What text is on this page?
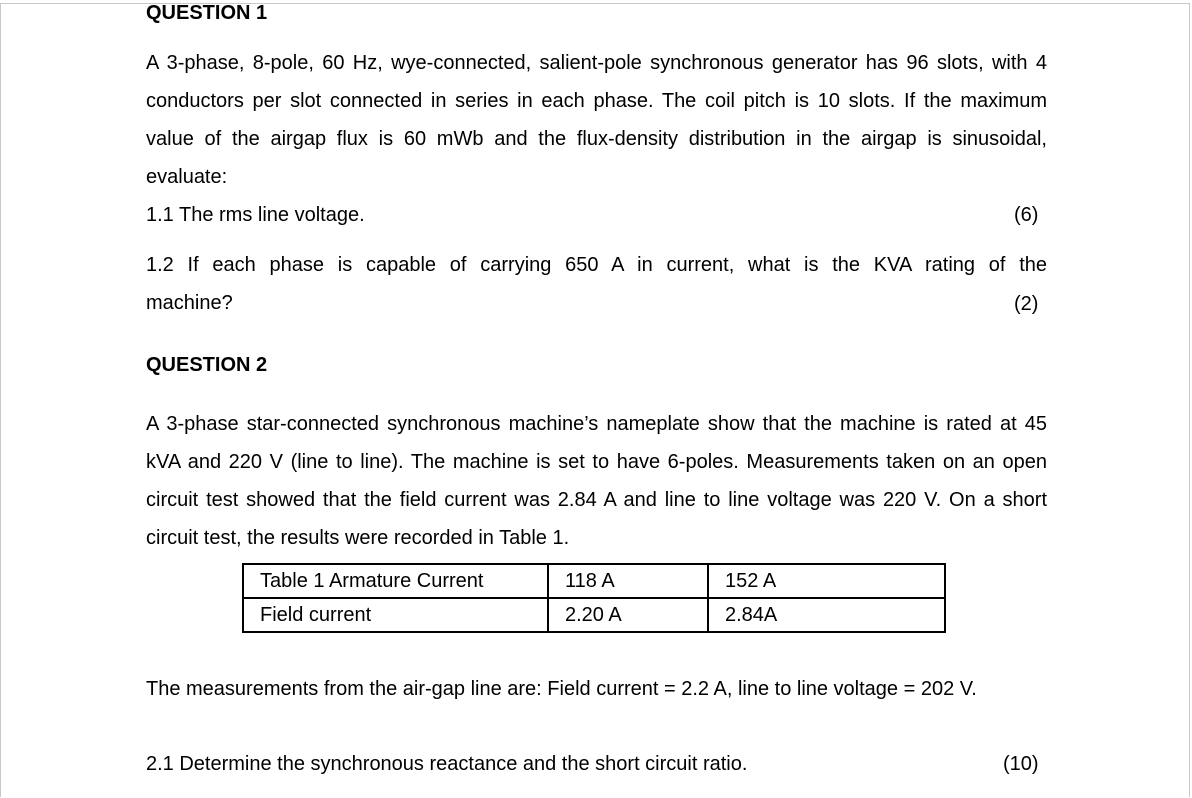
QUESTION 1

A 3-phase, 8-pole, 60 Hz, wye-connected, salient-pole synchronous generator has 96 slots, with 4 conductors per slot connected in series in each phase. The coil pitch is 10 slots. If the maximum value of the airgap flux is 60 mWb and the flux-density distribution in the airgap is sinusoidal, evaluate:

1.1 The rms line voltage.	(6)
1.2 If each phase is capable of carrying 650 A in current, what is the KVA rating of the
machine?	(2)
QUESTION 2

A 3-phase star-connected synchronous machine’s nameplate show that the machine is rated at 45 kVA and 220 V (line to line). The machine is set to have 6-poles. Measurements taken on an open circuit test showed that the field current was 2.84 A and line to line voltage was 220 V. On a short circuit test, the results were recorded in Table 1.

Table 1 Armature Current	118 A	152 A
Field current	2.20 A	2.84A

The measurements from the air-gap line are: Field current = 2.2 A, line to line voltage = 202 V.

2.1 Determine the synchronous reactance and the short circuit ratio.	(10)
